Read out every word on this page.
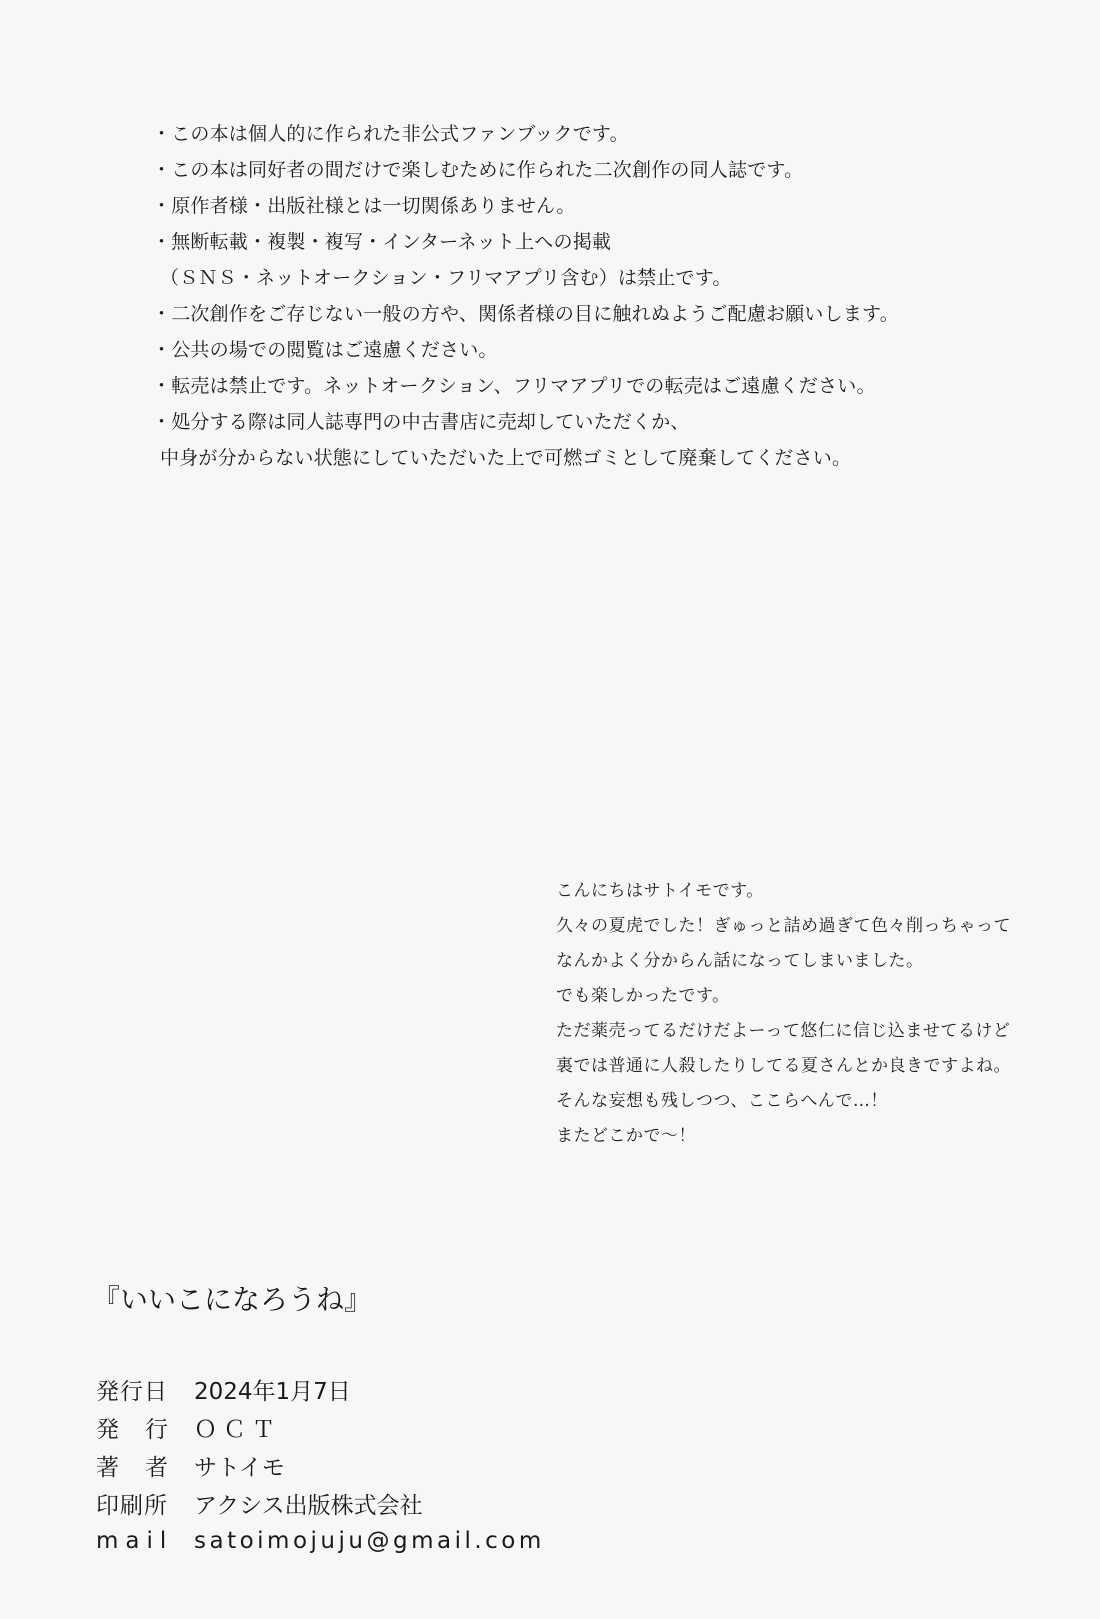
・この本は個人的に作られた非公式ファンブックです。
・この本は同好者の間だけで楽しむために作られた二次創作の同人誌です。
・原作者様・出版社様とは一切関係ありません。
・無断転載・複製・複写・インターネット上への掲載
（ＳＮＳ・ネットオークション・フリマアプリ含む）は禁止です。
・二次創作をご存じない一般の方や、関係者様の目に触れぬようご配慮お願いします。
・公共の場での閲覧はご遠慮ください。
・転売は禁止です。ネットオークション、フリマアプリでの転売はご遠慮ください。
・処分する際は同人誌専門の中古書店に売却していただくか、
中身が分からない状態にしていただいた上で可燃ゴミとして廃棄してください。
こんにちはサトイモです。
久々の夏虎でした！ぎゅっと詰め過ぎて色々削っちゃって
なんかよく分からん話になってしまいました。
でも楽しかったです。
ただ薬売ってるだけだよーって悠仁に信じ込ませてるけど
裏では普通に人殺したりしてる夏さんとか良きですよね。
そんな妄想も残しつつ、ここらへんで…！
またどこかで～！
『いいこになろうね』
発行日	2024年1月7日
発行 ＯＣＴ
著者 サトイモ
印刷所	アクシス出版株式会社
mail satoimojuju@gmail.com
